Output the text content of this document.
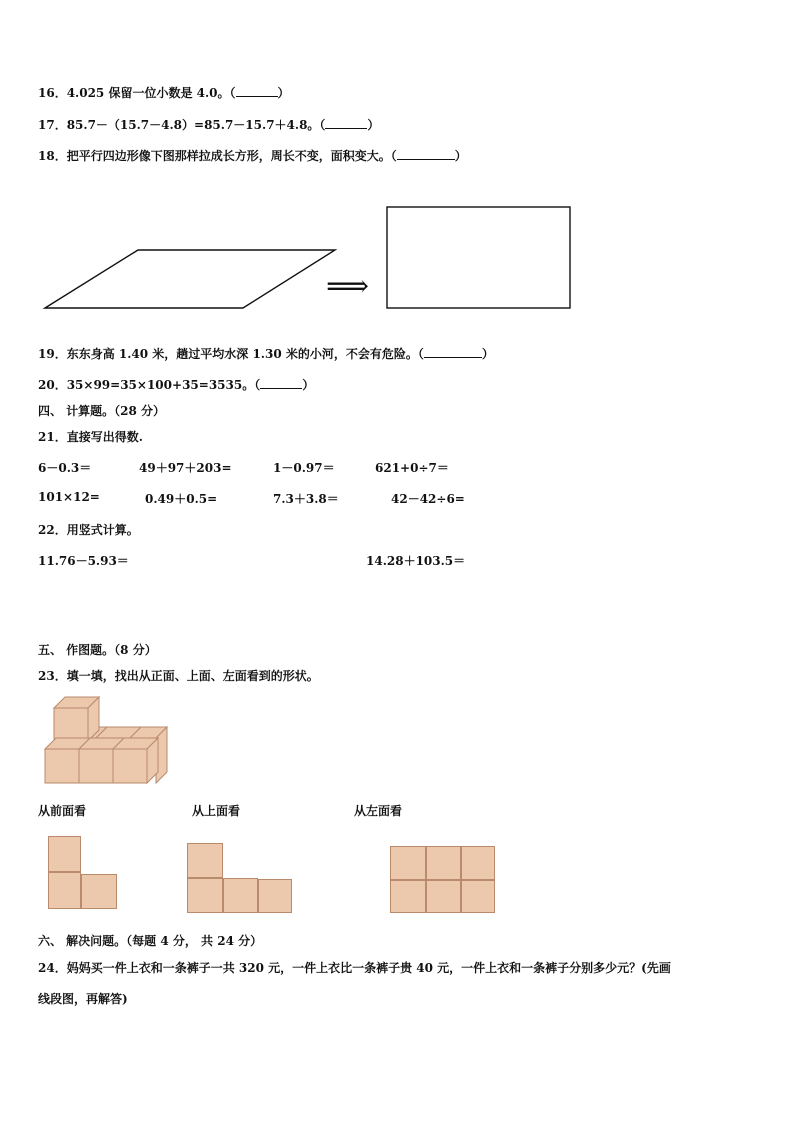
16．4.025 保留一位小数是 4.0。（	）
17．85.7－（15.7－4.8）=85.7－15.7＋4.8。（	）
18．把平行四边形像下图那样拉成长方形，周长不变，面积变大。（	）
⟹
19．东东身高 1.40 米，趟过平均水深 1.30 米的小河，不会有危险。（	）
20．35×99=35×100+35=3535。（	）
四、 计算题。（28 分）
21．直接写出得数.
6－0.3＝	49＋97＋203=	1－0.97＝	621+0÷7＝
101×12=	0.49＋0.5=	7.3＋3.8＝	42－42÷6=
22．用竖式计算。
11.76－5.93＝	14.28＋103.5＝
五、 作图题。（8 分）
23．填一填，找出从正面、上面、左面看到的形状。
从前面看	从上面看	从左面看
六、 解决问题。（每题 4 分， 共 24 分）
24．妈妈买一件上衣和一条裤子一共 320 元，一件上衣比一条裤子贵 40 元，一件上衣和一条裤子分别多少元？(先画
线段图，再解答)
